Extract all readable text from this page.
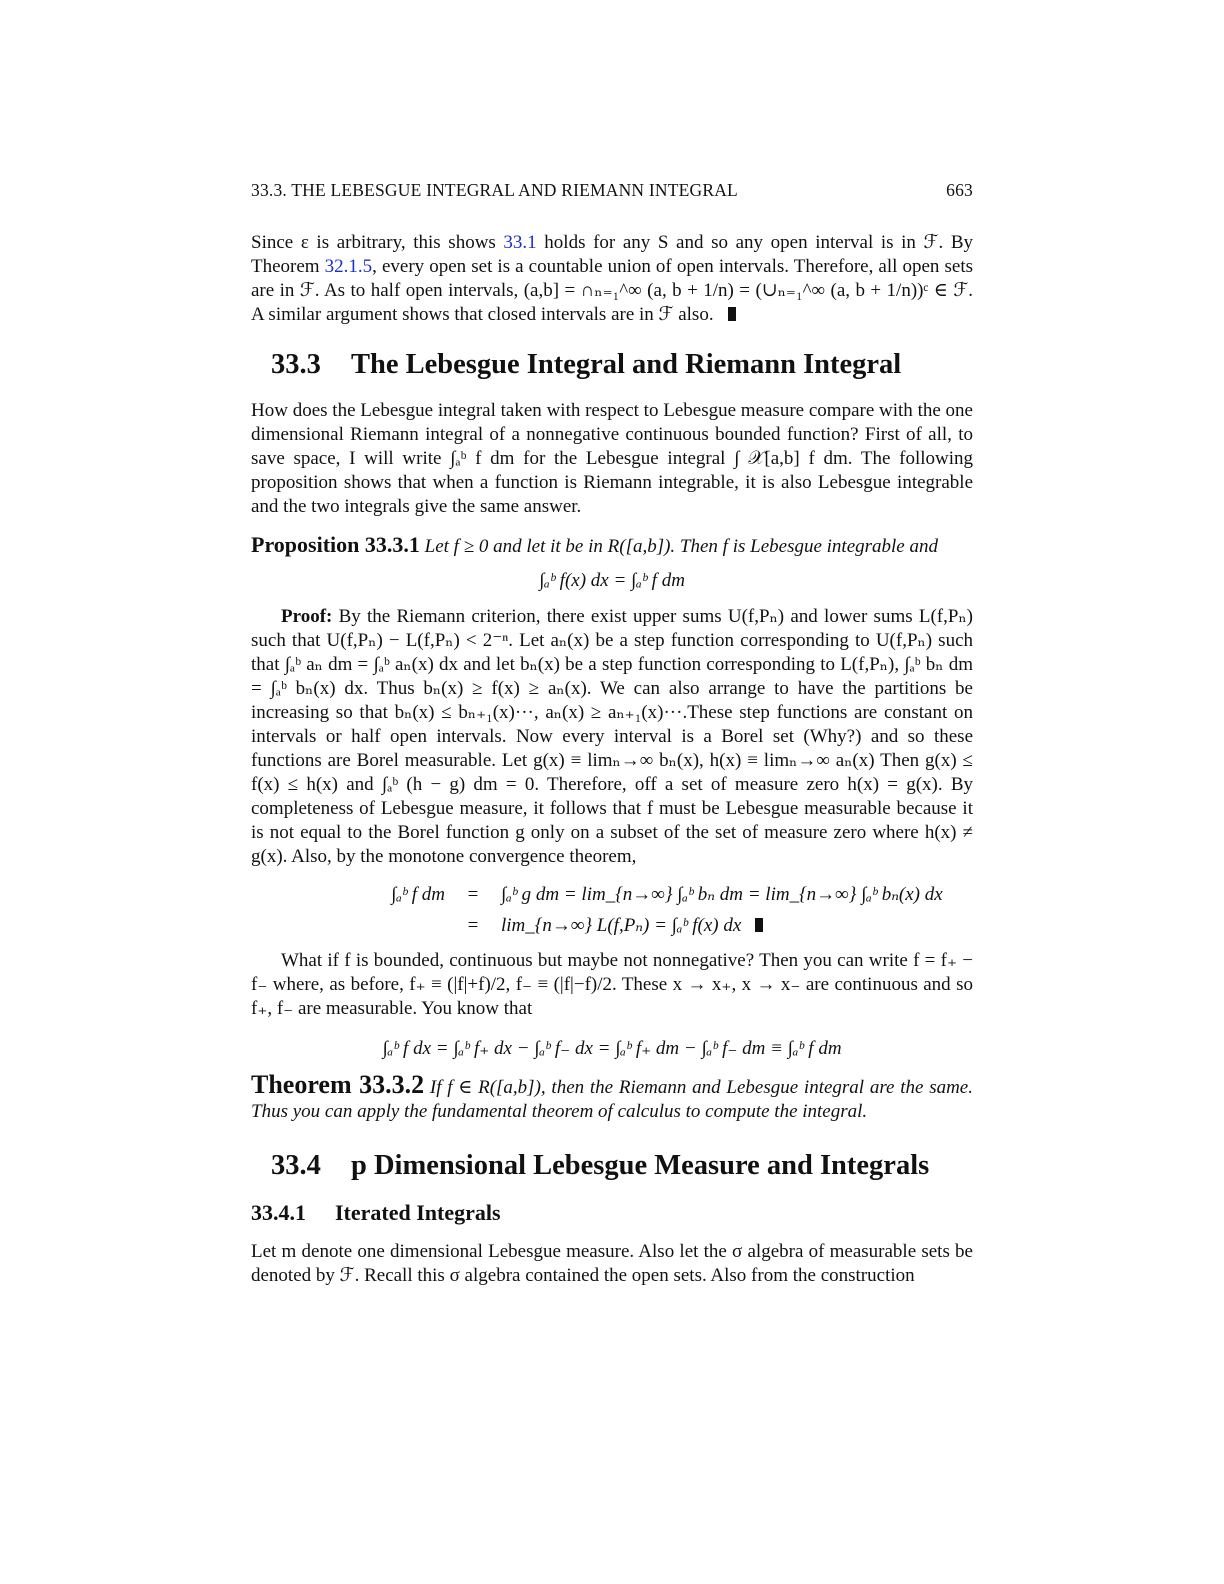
33.3. THE LEBESGUE INTEGRAL AND RIEMANN INTEGRAL	663

Since ε is arbitrary, this shows 33.1 holds for any S and so any open interval is in ℱ. By Theorem 32.1.5, every open set is a countable union of open intervals. Therefore, all open sets are in ℱ. As to half open intervals, (a,b] = ∩ₙ₌₁^∞ (a, b + 1/n) = (∪ₙ₌₁^∞ (a, b + 1/n))ᶜ ∈ ℱ. A similar argument shows that closed intervals are in ℱ also.

33.3 The Lebesgue Integral and Riemann Integral

How does the Lebesgue integral taken with respect to Lebesgue measure compare with the one dimensional Riemann integral of a nonnegative continuous bounded function? First of all, to save space, I will write ∫ₐᵇ f dm for the Lebesgue integral ∫ 𝒳[a,b] f dm. The following proposition shows that when a function is Riemann integrable, it is also Lebesgue integrable and the two integrals give the same answer.

Proposition 33.3.1 Let f ≥ 0 and let it be in R([a,b]). Then f is Lebesgue integrable and

∫ₐᵇ f(x) dx = ∫ₐᵇ f dm

Proof: By the Riemann criterion, there exist upper sums U(f,Pₙ) and lower sums L(f,Pₙ) such that U(f,Pₙ) − L(f,Pₙ) < 2⁻ⁿ. Let aₙ(x) be a step function corresponding to U(f,Pₙ) such that ∫ₐᵇ aₙ dm = ∫ₐᵇ aₙ(x) dx and let bₙ(x) be a step function corresponding to L(f,Pₙ), ∫ₐᵇ bₙ dm = ∫ₐᵇ bₙ(x) dx. Thus bₙ(x) ≥ f(x) ≥ aₙ(x). We can also arrange to have the partitions be increasing so that bₙ(x) ≤ bₙ₊₁(x)···, aₙ(x) ≥ aₙ₊₁(x)···.These step functions are constant on intervals or half open intervals. Now every interval is a Borel set (Why?) and so these functions are Borel measurable. Let g(x) ≡ limₙ→∞ bₙ(x), h(x) ≡ limₙ→∞ aₙ(x) Then g(x) ≤ f(x) ≤ h(x) and ∫ₐᵇ (h − g) dm = 0. Therefore, off a set of measure zero h(x) = g(x). By completeness of Lebesgue measure, it follows that f must be Lebesgue measurable because it is not equal to the Borel function g only on a subset of the set of measure zero where h(x) ≠ g(x). Also, by the monotone convergence theorem,

∫ₐᵇ f dm	=	∫ₐᵇ g dm = lim_{n→∞} ∫ₐᵇ bₙ dm = lim_{n→∞} ∫ₐᵇ bₙ(x) dx
	=	lim_{n→∞} L(f,Pₙ) = ∫ₐᵇ f(x) dx

What if f is bounded, continuous but maybe not nonnegative? Then you can write f = f₊ − f₋ where, as before, f₊ ≡ (|f|+f)/2, f₋ ≡ (|f|−f)/2. These x → x₊, x → x₋ are continuous and so f₊, f₋ are measurable. You know that

∫ₐᵇ f dx = ∫ₐᵇ f₊ dx − ∫ₐᵇ f₋ dx = ∫ₐᵇ f₊ dm − ∫ₐᵇ f₋ dm ≡ ∫ₐᵇ f dm

Theorem 33.3.2 If f ∈ R([a,b]), then the Riemann and Lebesgue integral are the same. Thus you can apply the fundamental theorem of calculus to compute the integral.

33.4 p Dimensional Lebesgue Measure and Integrals
33.4.1 Iterated Integrals

Let m denote one dimensional Lebesgue measure. Also let the σ algebra of measurable sets be denoted by ℱ. Recall this σ algebra contained the open sets. Also from the construction
